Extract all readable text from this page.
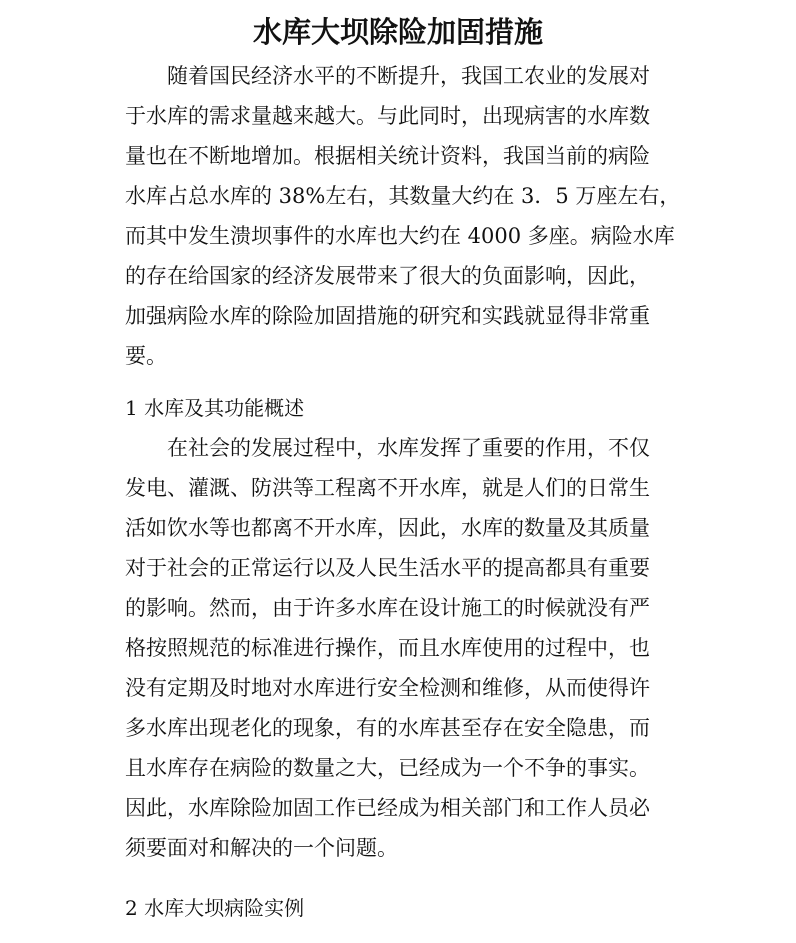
水库大坝除险加固措施
　　随着国民经济水平的不断提升，我国工农业的发展对
于水库的需求量越来越大。与此同时，出现病害的水库数
量也在不断地增加。根据相关统计资料，我国当前的病险
水库占总水库的 38%左右，其数量大约在 3．5 万座左右，
而其中发生溃坝事件的水库也大约在 4000 多座。病险水库
的存在给国家的经济发展带来了很大的负面影响，因此，
加强病险水库的除险加固措施的研究和实践就显得非常重
要。
1 水库及其功能概述
　　在社会的发展过程中，水库发挥了重要的作用，不仅
发电、灌溉、防洪等工程离不开水库，就是人们的日常生
活如饮水等也都离不开水库，因此，水库的数量及其质量
对于社会的正常运行以及人民生活水平的提高都具有重要
的影响。然而，由于许多水库在设计施工的时候就没有严
格按照规范的标准进行操作，而且水库使用的过程中，也
没有定期及时地对水库进行安全检测和维修，从而使得许
多水库出现老化的现象，有的水库甚至存在安全隐患，而
且水库存在病险的数量之大，已经成为一个不争的事实。
因此，水库除险加固工作已经成为相关部门和工作人员必
须要面对和解决的一个问题。
2 水库大坝病险实例
